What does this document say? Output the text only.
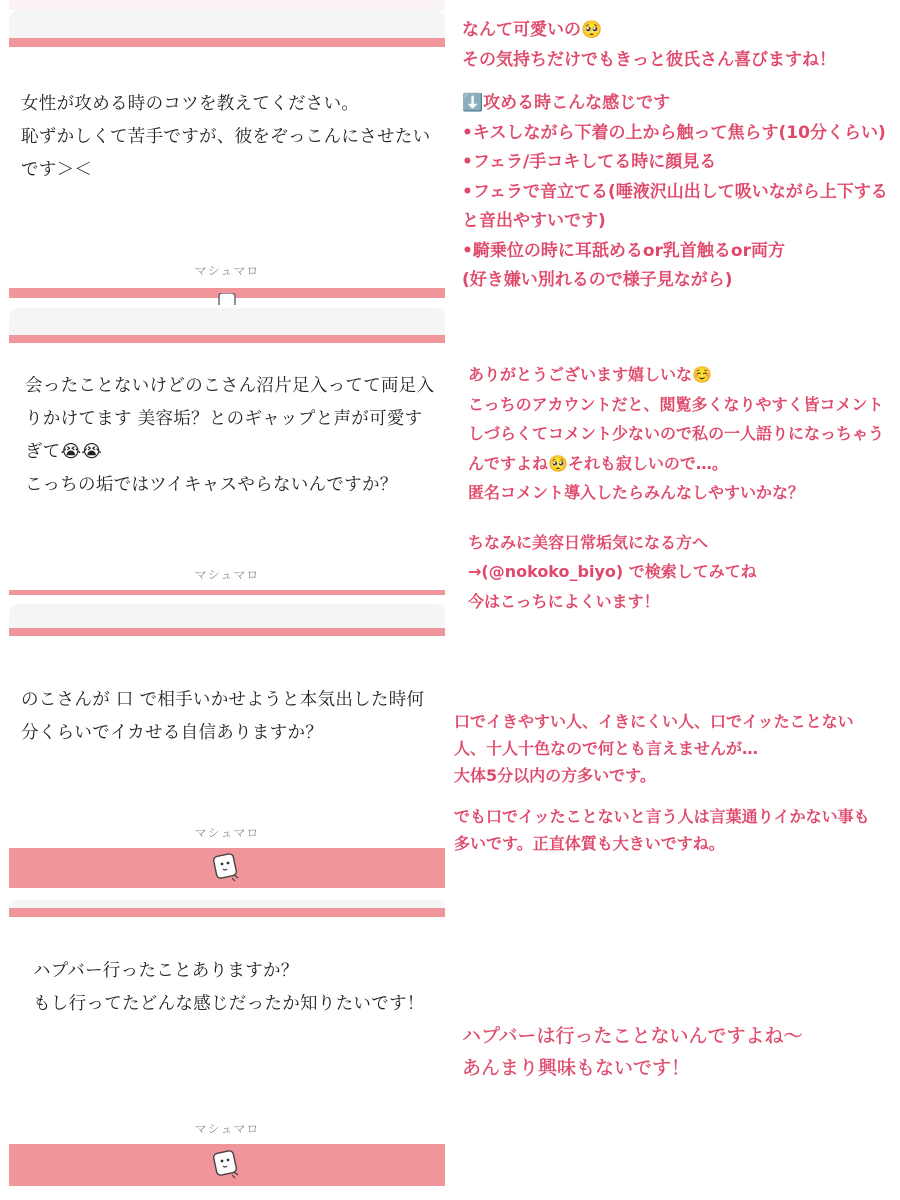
女性が攻める時のコツを教えてください。
恥ずかしくて苦手ですが、彼をぞっこんにさせたいです＞＜
マシュマロ
会ったことないけどのこさん沼片足入ってて両足入りかけてます 美容垢？とのギャップと声が可愛すぎて😭😭
こっちの垢ではツイキャスやらないんですか？
マシュマロ
のこさんが 口 で相手いかせようと本気出した時何分くらいでイカせる自信ありますか？
マシュマロ
ハプバー行ったことありますか？
もし行ってたどんな感じだったか知りたいです！
マシュマロ

なんて可愛いの🥺
その気持ちだけでもきっと彼氏さん喜びますね！

⬇️攻める時こんな感じです
•キスしながら下着の上から触って焦らす(10分くらい)
•フェラ/手コキしてる時に顔見る
•フェラで音立てる(唾液沢山出して吸いながら上下すると音出やすいです)
•騎乗位の時に耳舐めるor乳首触るor両方
(好き嫌い別れるので様子見ながら)

ありがとうございます嬉しいな☺️
こっちのアカウントだと、閲覧多くなりやすく皆コメントしづらくてコメント少ないので私の一人語りになっちゃうんですよね🥺それも寂しいので…。
匿名コメント導入したらみんなしやすいかな？

ちなみに美容日常垢気になる方へ
→(@nokoko_biyo) で検索してみてね
今はこっちによくいます！

口でイきやすい人、イきにくい人、口でイッたことない人、十人十色なので何とも言えませんが…
大体5分以内の方多いです。

でも口でイッたことないと言う人は言葉通りイかない事も多いです。正直体質も大きいですね。

ハプバーは行ったことないんですよね～
あんまり興味もないです！
